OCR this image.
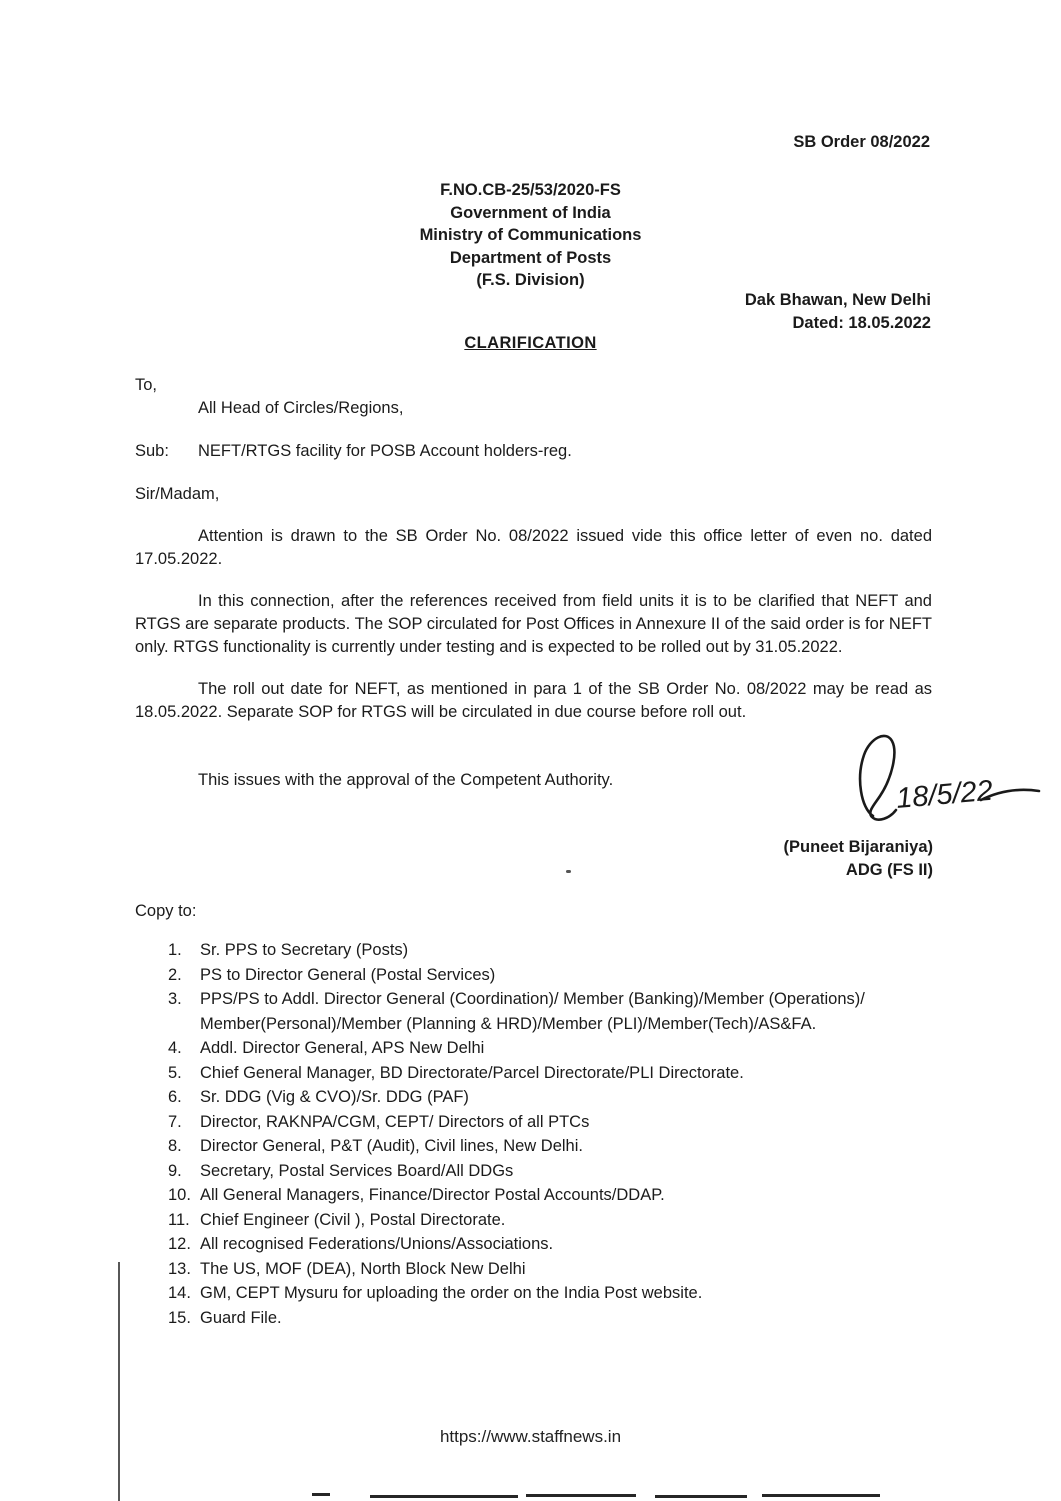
SB Order 08/2022
F.NO.CB-25/53/2020-FS
Government of India
Ministry of Communications
Department of Posts
(F.S. Division)
Dak Bhawan, New Delhi
Dated: 18.05.2022
CLARIFICATION
To,
All Head of Circles/Regions,
Sub:	NEFT/RTGS facility for POSB Account holders-reg.
Sir/Madam,
Attention is drawn to the SB Order No. 08/2022 issued vide this office letter of even no. dated 17.05.2022.
In this connection, after the references received from field units it is to be clarified that NEFT and RTGS are separate products. The SOP circulated for Post Offices in Annexure II of the said order is for NEFT only. RTGS functionality is currently under testing and is expected to be rolled out by 31.05.2022.
The roll out date for NEFT, as mentioned in para 1 of the SB Order No. 08/2022 may be read as 18.05.2022. Separate SOP for RTGS will be circulated in due course before roll out.
This issues with the approval of the Competent Authority.	18/5/22
(Puneet Bijaraniya)
ADG (FS II)
Copy to:
1.	Sr. PPS to Secretary (Posts)
2.	PS to Director General (Postal Services)
3.	PPS/PS to Addl. Director General (Coordination)/ Member (Banking)/Member (Operations)/ Member(Personal)/Member (Planning & HRD)/Member (PLI)/Member(Tech)/AS&FA.
4.	Addl. Director General, APS New Delhi
5.	Chief General Manager, BD Directorate/Parcel Directorate/PLI Directorate.
6.	Sr. DDG (Vig & CVO)/Sr. DDG (PAF)
7.	Director, RAKNPA/CGM, CEPT/ Directors of all PTCs
8.	Director General, P&T (Audit), Civil lines, New Delhi.
9.	Secretary, Postal Services Board/All DDGs
10. All General Managers, Finance/Director Postal Accounts/DDAP.
11. Chief Engineer (Civil ), Postal Directorate.
12. All recognised Federations/Unions/Associations.
13. The US, MOF (DEA), North Block New Delhi
14. GM, CEPT Mysuru for uploading the order on the India Post website.
15. Guard File.
https://www.staffnews.in
